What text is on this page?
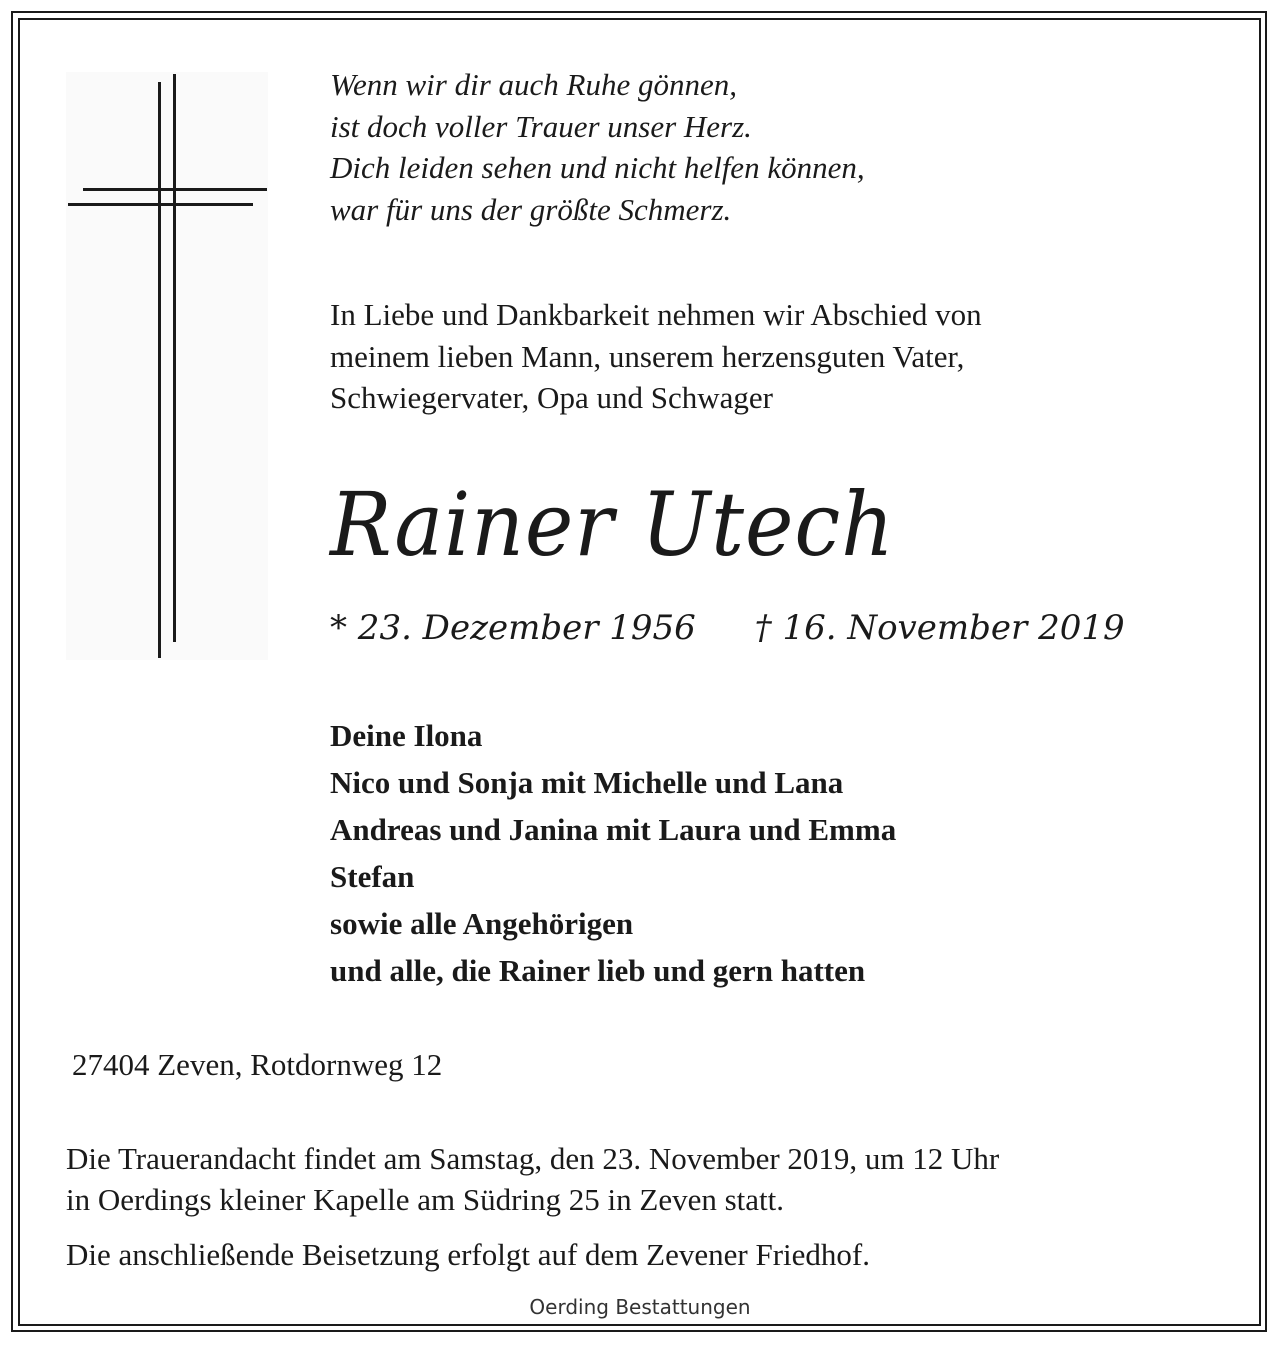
Wenn wir dir auch Ruhe gönnen,
ist doch voller Trauer unser Herz.
Dich leiden sehen und nicht helfen können,
war für uns der größte Schmerz.
In Liebe und Dankbarkeit nehmen wir Abschied von
meinem lieben Mann, unserem herzensguten Vater,
Schwiegervater, Opa und Schwager
Rainer Utech
* 23. Dezember 1956 † 16. November 2019
Deine Ilona
Nico und Sonja mit Michelle und Lana
Andreas und Janina mit Laura und Emma
Stefan
sowie alle Angehörigen
und alle, die Rainer lieb und gern hatten
27404 Zeven, Rotdornweg 12
Die Trauerandacht findet am Samstag, den 23. November 2019, um 12 Uhr
in Oerdings kleiner Kapelle am Südring 25 in Zeven statt.
Die anschließende Beisetzung erfolgt auf dem Zevener Friedhof.
Oerding Bestattungen
